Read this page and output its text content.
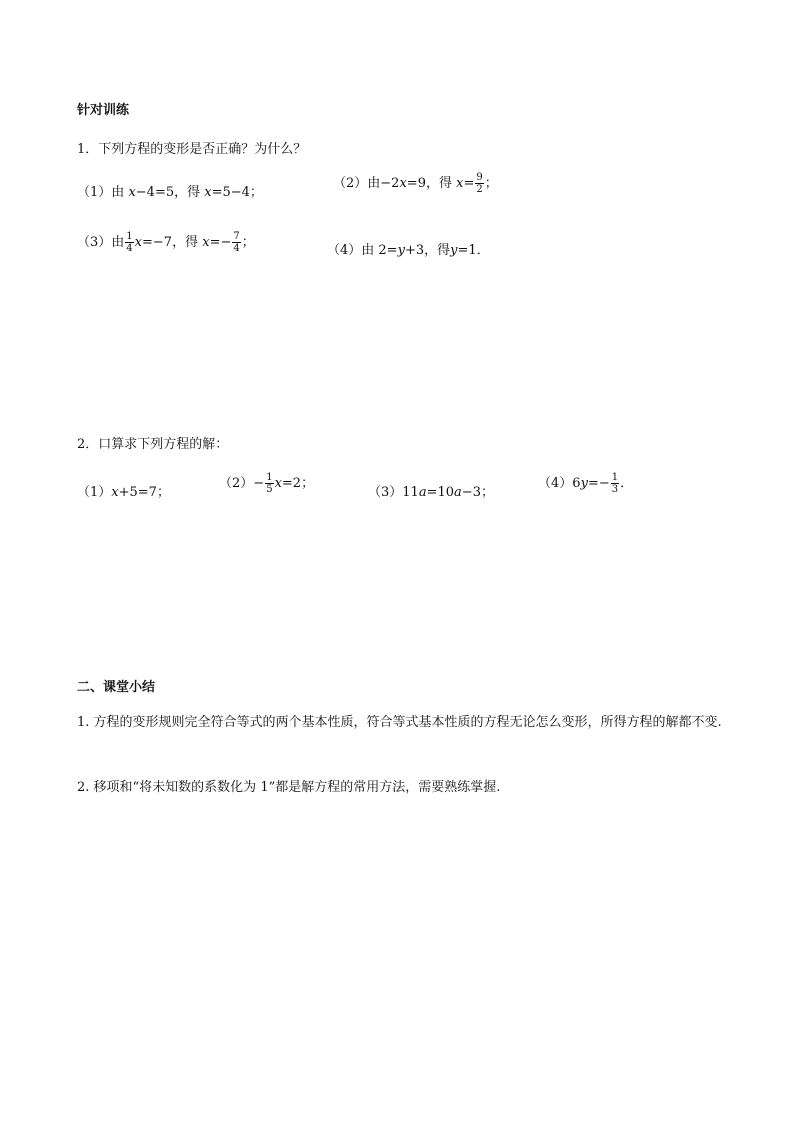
针对训练
1．下列方程的变形是否正确？为什么？
（1）由 x−4=5，得 x=5−4；
（2）由−2x=9，得 $x= \frac{9}{2}$ ；
（3）由 $\frac{1}{4} x=-7$，得 $x=- \frac{7}{4}$ ；
（4）由 2=y+3，得y=1．
2．口算求下列方程的解：
（1）x+5=7；
$(2)- \frac{1}{5} x=2$；
（3）11a=10a−3；
$(4)6y=- \frac{1}{3}$ ．
二、课堂小结
1. 方程的变形规则完全符合等式的两个基本性质，符合等式基本性质的方程无论怎么变形，所得方程的解都不变.
2. 移项和“将未知数的系数化为 1”都是解方程的常用方法，需要熟练掌握.
